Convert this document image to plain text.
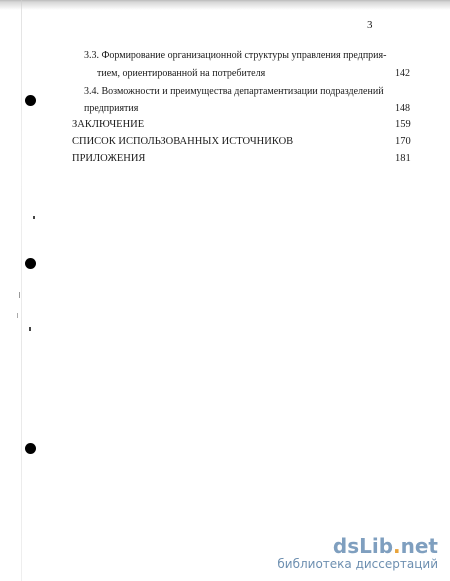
3
3.3. Формирование организационной структуры управления предприя-
тием, ориентированной на потребителя	142
3.4. Возможности и преимущества департаментизации подразделений
предприятия	148
ЗАКЛЮЧЕНИЕ	159
СПИСОК ИСПОЛЬЗОВАННЫХ ИСТОЧНИКОВ	170
ПРИЛОЖЕНИЯ	181
dsLib.net
библиотека диссертаций
